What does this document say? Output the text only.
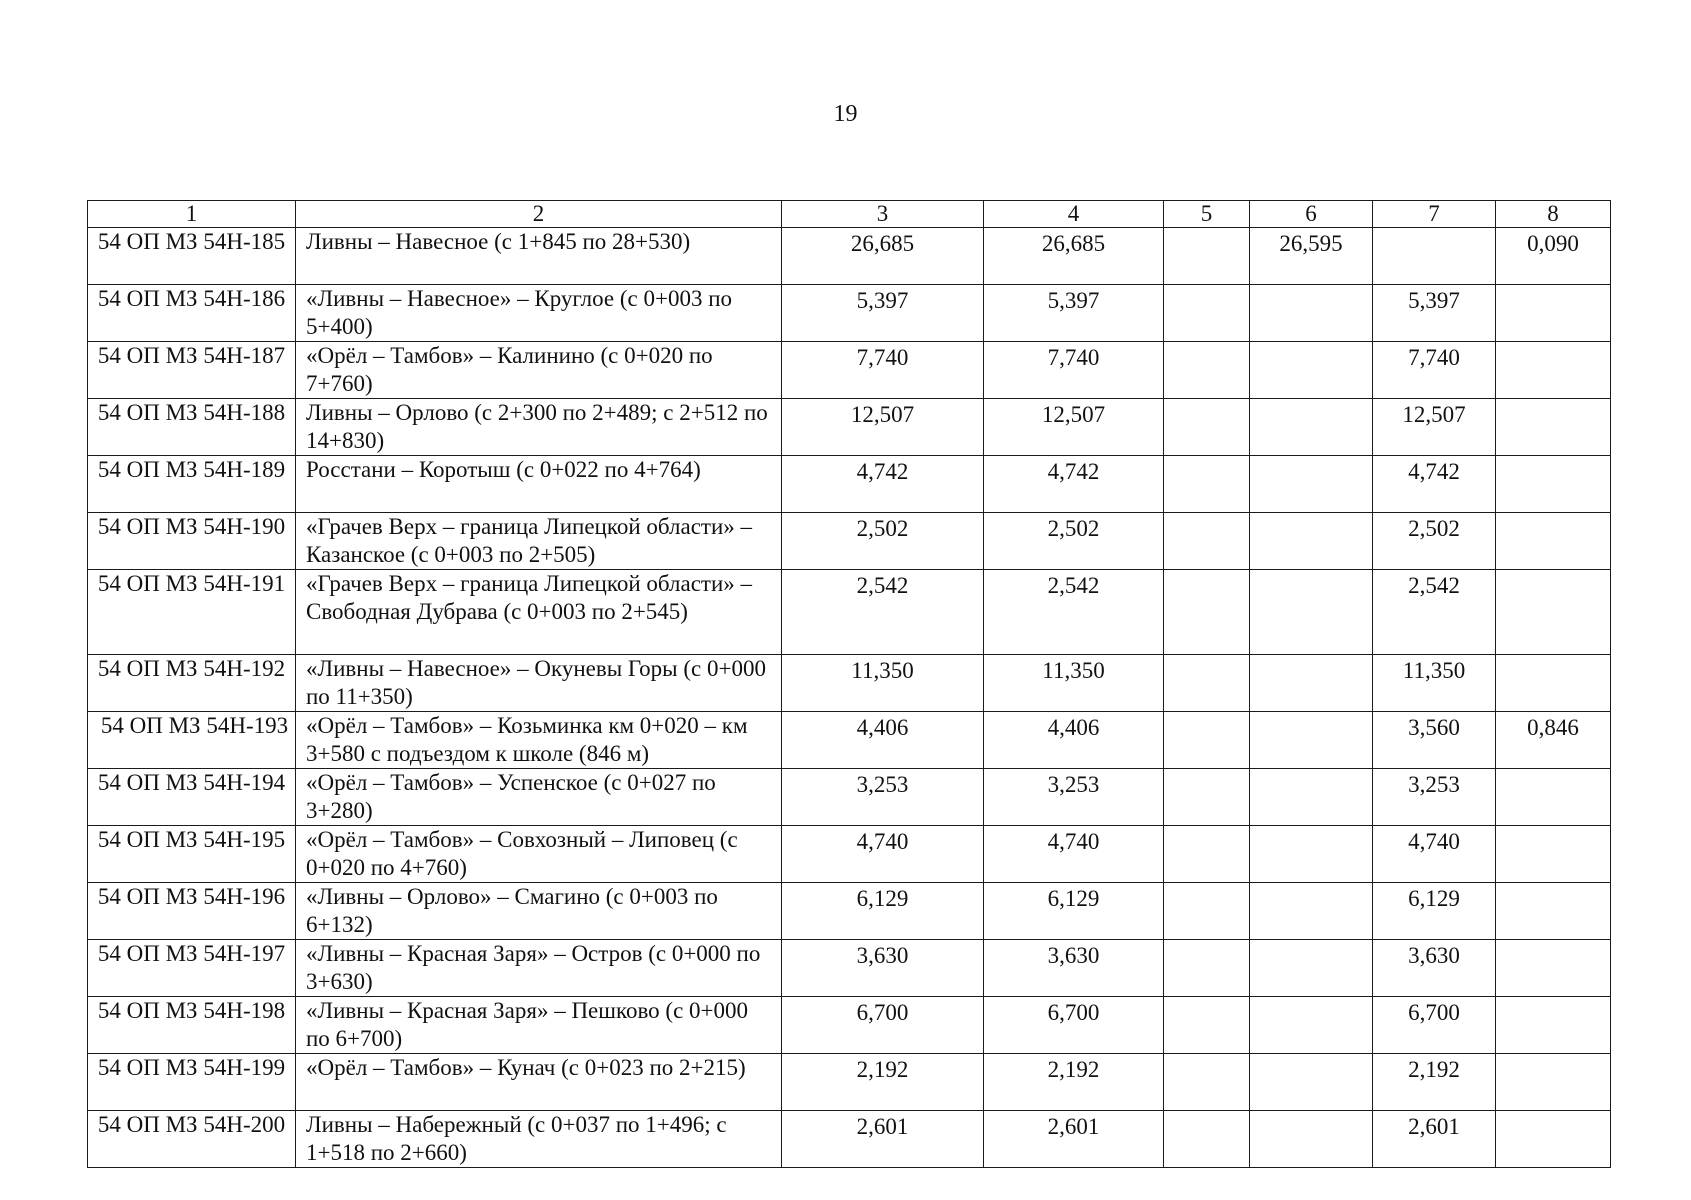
19
1	2	3	4	5	6	7	8
54 ОП МЗ 54Н-185	Ливны – Навесное (с 1+845 по 28+530)	26,685	26,685		26,595		0,090
54 ОП МЗ 54Н-186	«Ливны – Навесное» – Круглое (с 0+003 по 5+400)	5,397	5,397			5,397	
54 ОП МЗ 54Н-187	«Орёл – Тамбов» – Калинино (с 0+020 по 7+760)	7,740	7,740			7,740	
54 ОП МЗ 54Н-188	Ливны – Орлово (с 2+300 по 2+489; с 2+512 по 14+830)	12,507	12,507			12,507	
54 ОП МЗ 54Н-189	Росстани – Коротыш (с 0+022 по 4+764)	4,742	4,742			4,742	
54 ОП МЗ 54Н-190	«Грачев Верх – граница Липецкой области» – Казанское (с 0+003 по 2+505)	2,502	2,502			2,502	
54 ОП МЗ 54Н-191	«Грачев Верх – граница Липецкой области» – Свободная Дубрава (с 0+003 по 2+545)	2,542	2,542			2,542	
54 ОП МЗ 54Н-192	«Ливны – Навесное» – Окуневы Горы (с 0+000 по 11+350)	11,350	11,350			11,350	
54 ОП МЗ 54Н-193	«Орёл – Тамбов» – Козьминка км 0+020 – км 3+580 с подъездом к школе (846 м)	4,406	4,406			3,560	0,846
54 ОП МЗ 54Н-194	«Орёл – Тамбов» – Успенское (с 0+027 по 3+280)	3,253	3,253			3,253	
54 ОП МЗ 54Н-195	«Орёл – Тамбов» – Совхозный – Липовец (с 0+020 по 4+760)	4,740	4,740			4,740	
54 ОП МЗ 54Н-196	«Ливны – Орлово» – Смагино (с 0+003 по 6+132)	6,129	6,129			6,129	
54 ОП МЗ 54Н-197	«Ливны – Красная Заря» – Остров (с 0+000 по 3+630)	3,630	3,630			3,630	
54 ОП МЗ 54Н-198	«Ливны – Красная Заря» – Пешково (с 0+000 по 6+700)	6,700	6,700			6,700	
54 ОП МЗ 54Н-199	«Орёл – Тамбов» – Кунач (с 0+023 по 2+215)	2,192	2,192			2,192	
54 ОП МЗ 54Н-200	Ливны – Набережный (с 0+037 по 1+496; с 1+518 по 2+660)	2,601	2,601			2,601	
